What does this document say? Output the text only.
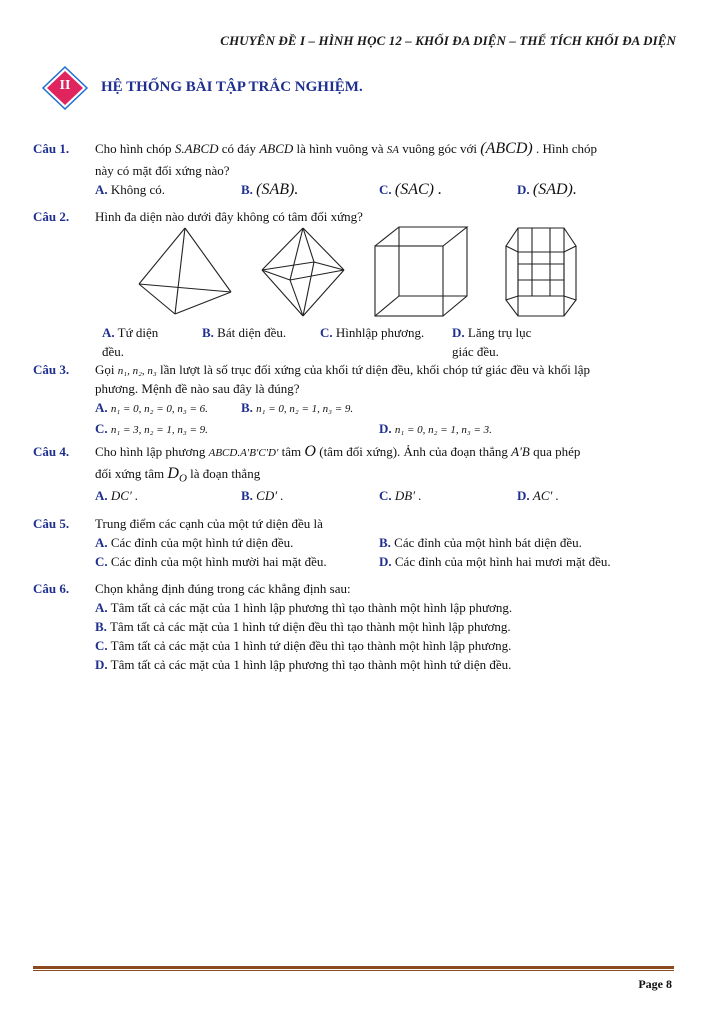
CHUYÊN ĐỀ I – HÌNH HỌC 12 – KHỐI ĐA DIỆN – THỂ TÍCH KHỐI ĐA DIỆN
II	HỆ THỐNG BÀI TẬP TRẮC NGHIỆM.
Câu 1.	Cho hình chóp S.ABCD có đáy ABCD là hình vuông và SA vuông góc với (ABCD) . Hình chóp
này có mặt đối xứng nào?
A. Không có.	B. (SAB).	C. (SAC) .	D. (SAD).
Câu 2.	Hình đa diện nào dưới đây không có tâm đối xứng?
A. Tứ diện
đều.
B. Bát diện đều.	C. Hìnhlập phương. D. Lăng trụ lục
giác đều.
Câu 3.	Gọi n₁, n₂, n₃ lần lượt là số trục đối xứng của khối tứ diện đều, khối chóp tứ giác đều và khối lập
phương. Mệnh đề nào sau đây là đúng?
A. n₁ = 0, n₂ = 0, n₃ = 6.	B. n₁ = 0, n₂ = 1, n₃ = 9.
C. n₁ = 3, n₂ = 1, n₃ = 9.	D. n₁ = 0, n₂ = 1, n₃ = 3.
Câu 4.	Cho hình lập phương ABCD.A′B′C′D′ tâm O (tâm đối xứng). Ảnh của đoạn thẳng A′B qua phép
đối xứng tâm $D_O$ là đoạn thẳng
A. DC′ .	B. CD′ .	C. DB′ .	D. AC′ .
Câu 5.	Trung điểm các cạnh của một tứ diện đều là
A. Các đỉnh của một hình tứ diện đều.	B. Các đỉnh của một hình bát diện đều.
C. Các đỉnh của một hình mười hai mặt đều.	D. Các đỉnh của một hình hai mươi mặt đều.
Câu 6.	Chọn khẳng định đúng trong các khẳng định sau:
A. Tâm tất cả các mặt của 1 hình lập phương thì tạo thành một hình lập phương.
B. Tâm tất cả các mặt của 1 hình tứ diện đều thì tạo thành một hình lập phương.
C. Tâm tất cả các mặt của 1 hình tứ diện đều thì tạo thành một hình lập phương.
D. Tâm tất cả các mặt của 1 hình lập phương thì tạo thành một hình tứ diện đều.
Page 8
